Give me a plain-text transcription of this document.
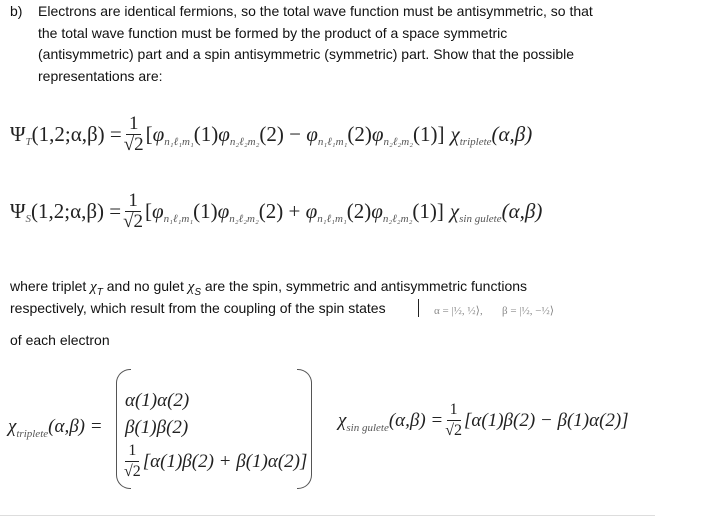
b) Electrons are identical fermions, so the total wave function must be antisymmetric, so that
the total wave function must be formed by the product of a space symmetric
(antisymmetric) part and a spin antisymmetric (symmetric) part. Show that the possible
representations are:
Ψ T (1,2;α,β) = $\frac{1}{√2}$ [ φ n₁ℓ₁m₁ (1) φ n₂ℓ₂m₂ (2) − φ n₁ℓ₁m₁ (2) φ n₂ℓ₂m₂ (1)] χ triplete (α,β)
Ψ S (1,2;α,β) = $\frac{1}{√2}$ [ φ n₁ℓ₁m₁ (1) φ n₂ℓ₂m₂ (2) + φ n₁ℓ₁m₁ (2) φ n₂ℓ₂m₂ (1)] χ sin gulete (α,β)
where triplet $\chi_T$ and no gulet $\chi_S$ are the spin, symmetric and antisymmetric functions
respectively, which result from the coupling of the spin states	α = |½, ½⟩, β = |½, −½⟩
of each electron
χ triplete (α,β) =
α(1)α(2)
β(1)β(2)
$\frac{1}{√2} [\alpha(1)\beta(2) + \beta(1)\alpha(2)]$
χ sin gulete $(\alpha,\beta) = \frac{1}{√2} [\alpha(1)\beta(2) - \beta(1)\alpha(2)]$
